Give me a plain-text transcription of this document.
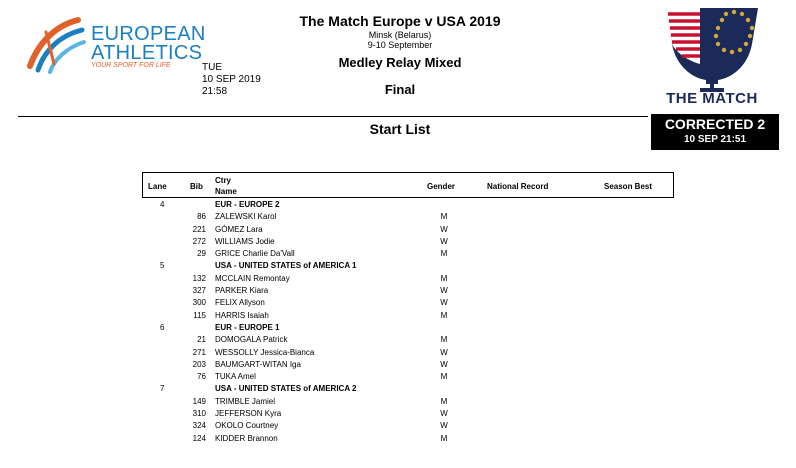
EUROPEAN
ATHLETICS
YOUR SPORT FOR LIFE	TUE
10 SEP 2019
21:58
The Match Europe v USA 2019
Minsk (Belarus)
9-10 September
Medley Relay Mixed
Final
Start List
THE MATCH
CORRECTED 2
10 SEP 21:51
Lane	Bib
Ctry
Name
Gender	National Record	Season Best
4	EUR - EUROPE 2
86 ZALEWSKI Karol	M
221 GÓMEZ Lara	W
272 WILLIAMS Jodie	W
29 GRICE Charlie Da'Vall	M
5	USA - UNITED STATES of AMERICA 1
132 MCCLAIN Remontay	M
327 PARKER Kiara	W
300 FELIX Allyson	W
115 HARRIS Isaiah	M
6	EUR - EUROPE 1
21 DOMOGALA Patrick	M
271 WESSOLLY Jessica-Bianca	W
203 BAUMGART-WITAN Iga	W
76 TUKA Amel	M
7	USA - UNITED STATES of AMERICA 2
149 TRIMBLE Jamiel	M
310 JEFFERSON Kyra	W
324 OKOLO Courtney	W
124 KIDDER Brannon	M
